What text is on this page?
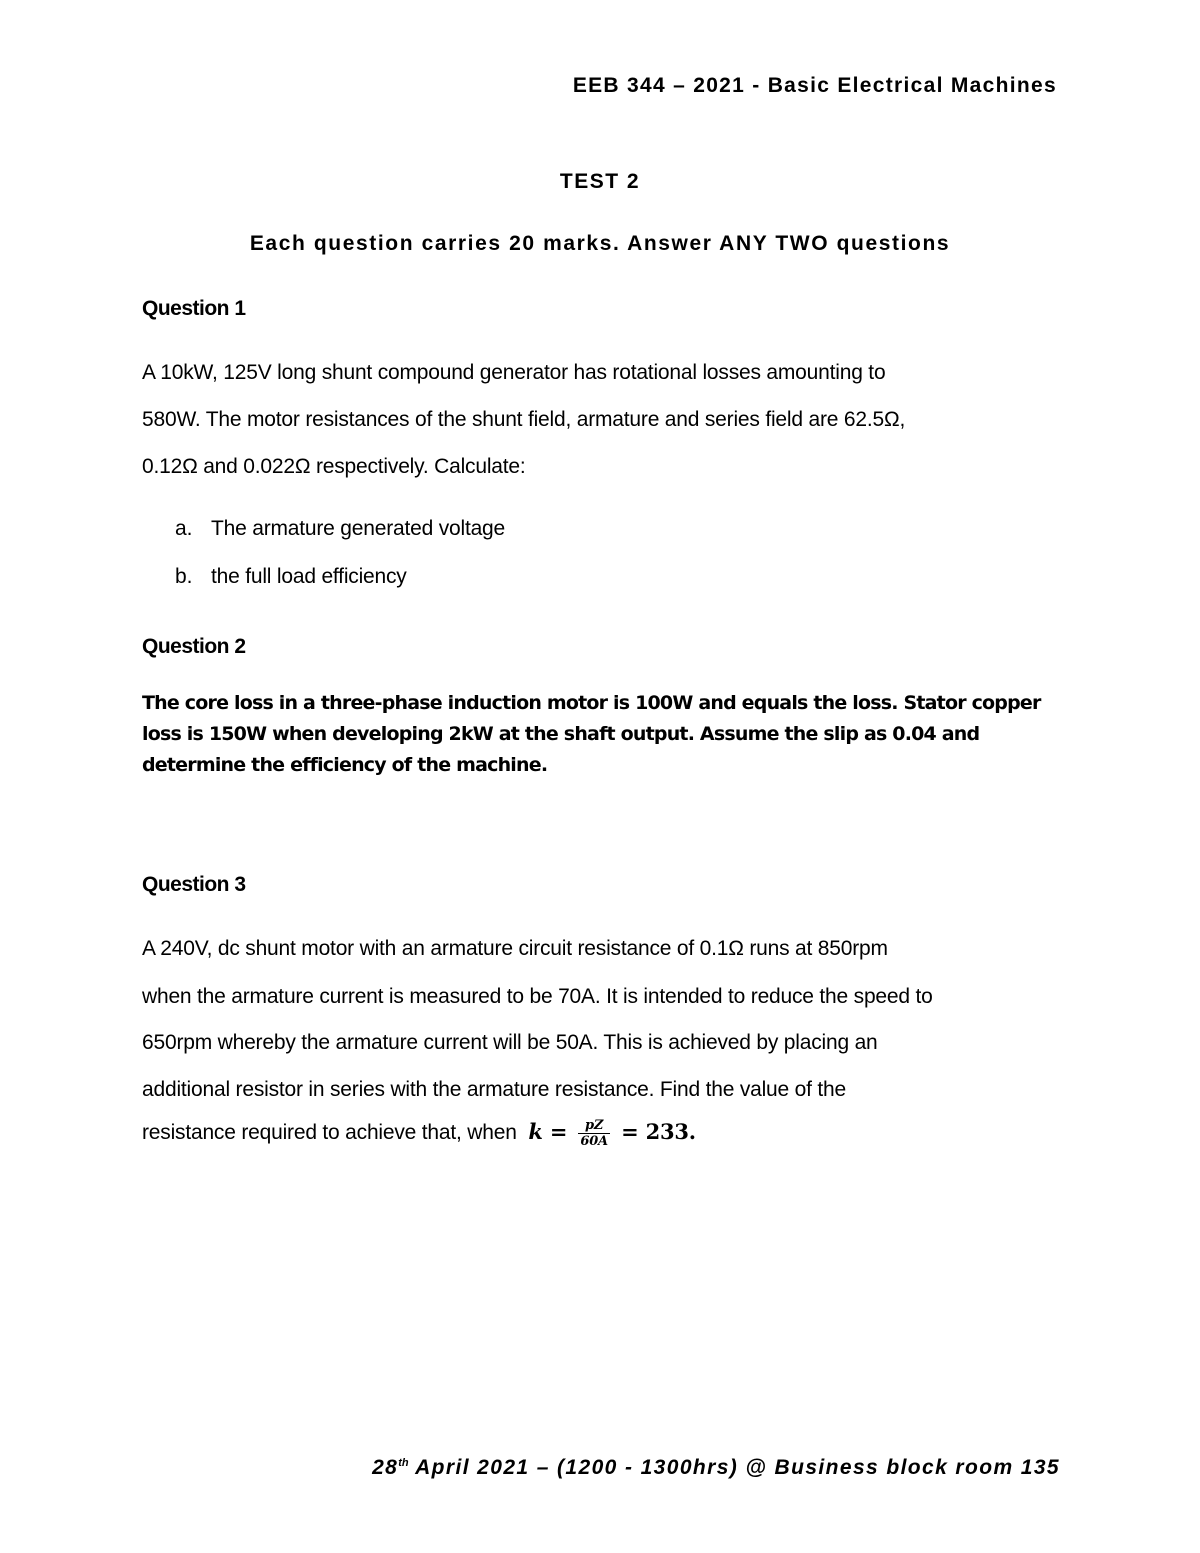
EEB 344 – 2021 - Basic Electrical Machines
TEST 2
Each question carries 20 marks. Answer ANY TWO questions
Question 1
A 10kW, 125V long shunt compound generator has rotational losses amounting to
580W. The motor resistances of the shunt field, armature and series field are 62.5Ω,
0.12Ω and 0.022Ω respectively. Calculate:
a. The armature generated voltage
b. the full load efficiency
Question 2
The core loss in a three-phase induction motor is 100W and equals the loss. Stator copper loss is 150W when developing 2kW at the shaft output. Assume the slip as 0.04 and determine the efficiency of the machine.
Question 3
A 240V, dc shunt motor with an armature circuit resistance of 0.1Ω runs at 850rpm
when the armature current is measured to be 70A. It is intended to reduce the speed to
650rpm whereby the armature current will be 50A. This is achieved by placing an
additional resistor in series with the armature resistance. Find the value of the
resistance required to achieve that, when $k = \frac{pZ}{60A} = 233$.
28th April 2021 – (1200 - 1300hrs) @ Business block room 135
